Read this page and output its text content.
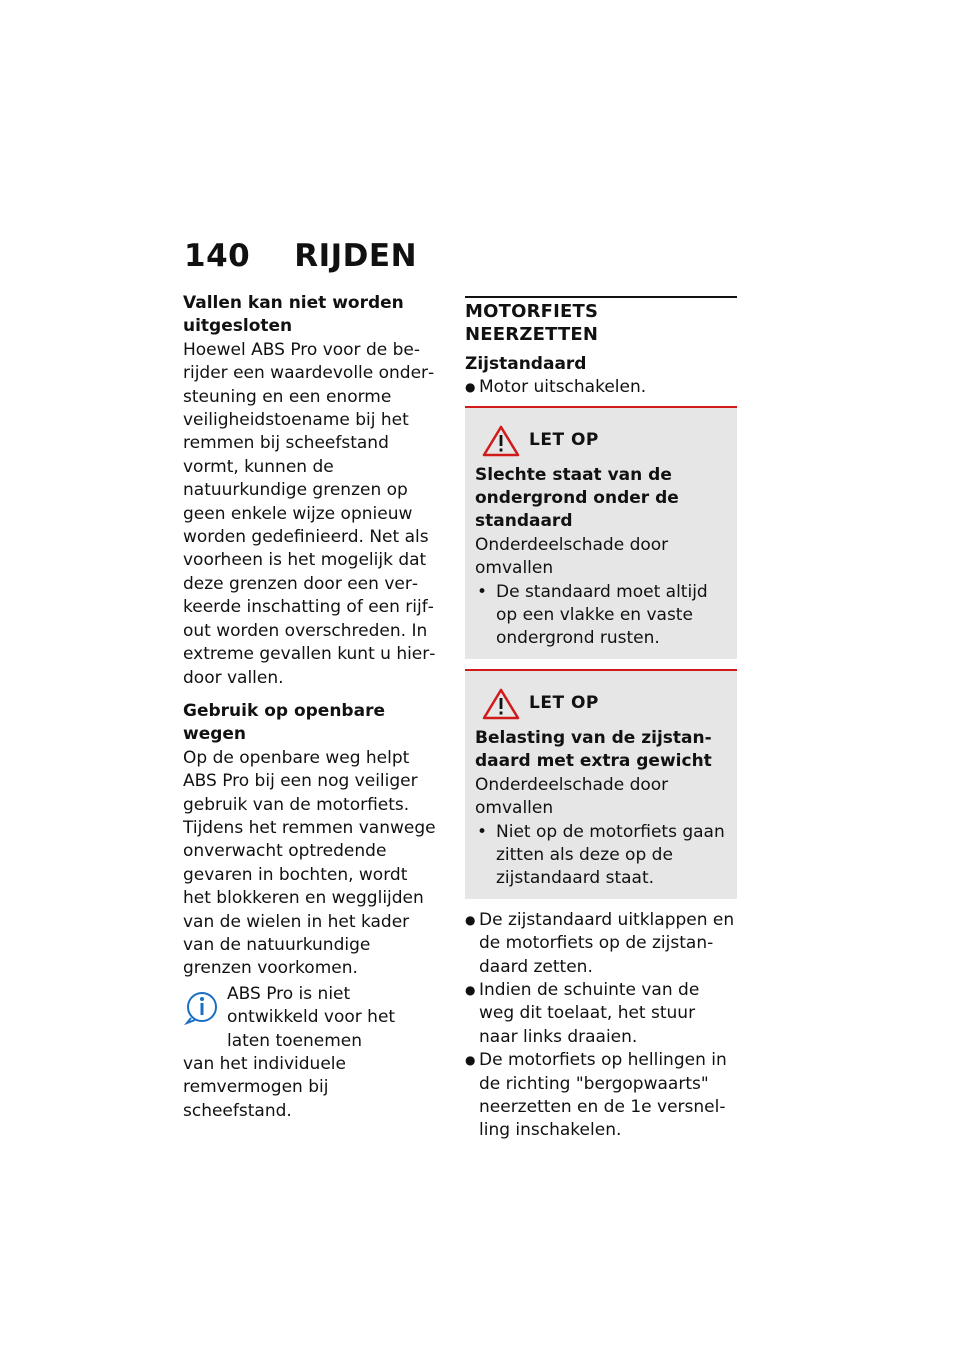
140 RIJDEN

Vallen kan niet worden uitgesloten

Hoewel ABS Pro voor de berijder een waardevolle ondersteuning en een enorme veiligheidstoename bij het remmen bij scheefstand vormt, kunnen de natuurkundige grenzen op geen enkele wijze opnieuw worden gedefinieerd. Net als voorheen is het mogelijk dat deze grenzen door een verkeerde inschatting of een rijfout worden overschreden. In extreme gevallen kunt u hierdoor vallen.

Gebruik op openbare wegen

Op de openbare weg helpt ABS Pro bij een nog veiliger gebruik van de motorfiets. Tijdens het remmen vanwege onverwacht optredende gevaren in bochten, wordt het blokkeren en wegglijden van de wielen in het kader van de natuurkundige grenzen voorkomen.

ABS Pro is niet ontwikkeld voor het laten toenemen

van het individuele remvermogen bij scheefstand.

MOTORFIETS NEERZETTEN

Zijstandaard

● Motor uitschakelen.
LET OP

Slechte staat van de ondergrond onder de standaard

Onderdeelschade door omvallen

• De standaard moet altijd op een vlakke en vaste ondergrond rusten.
LET OP

Belasting van de zijstandaard met extra gewicht

Onderdeelschade door omvallen

• Niet op de motorfiets gaan zitten als deze op de zijstandaard staat.
● De zijstandaard uitklappen en de motorfiets op de zijstandaard zetten.
● Indien de schuinte van de weg dit toelaat, het stuur naar links draaien.
● De motorfiets op hellingen in de richting "bergopwaarts" neerzetten en de 1e versnelling inschakelen.
